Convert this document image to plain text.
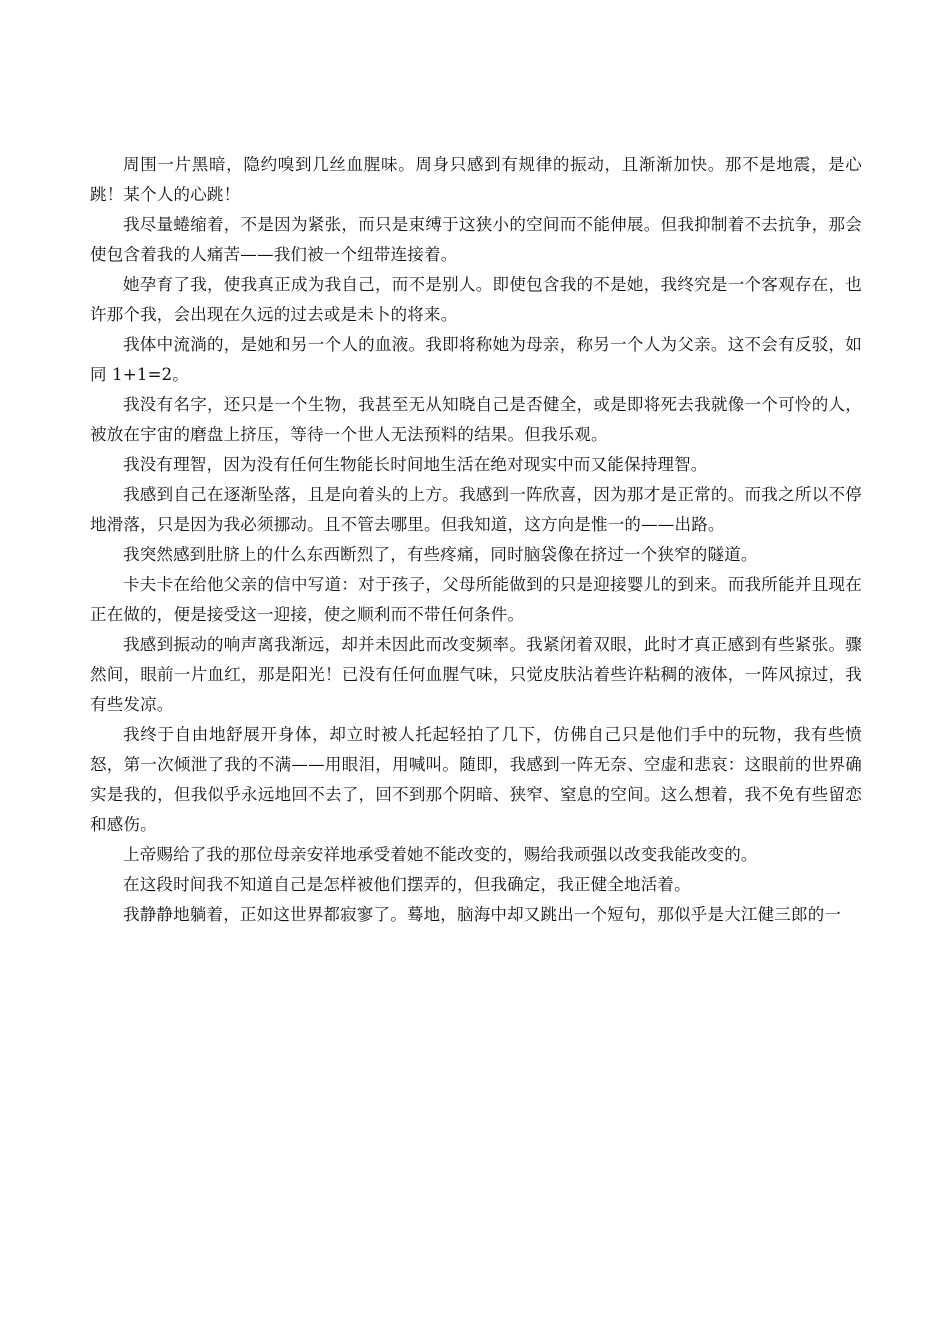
周围一片黑暗，隐约嗅到几丝血腥味。周身只感到有规律的振动，且渐渐加快。那不是地震，是心跳！某个人的心跳！

我尽量蜷缩着，不是因为紧张，而只是束缚于这狭小的空间而不能伸展。但我抑制着不去抗争，那会使包含着我的人痛苦——我们被一个纽带连接着。

她孕育了我，使我真正成为我自己，而不是别人。即使包含我的不是她，我终究是一个客观存在，也许那个我，会出现在久远的过去或是未卜的将来。

我体中流淌的，是她和另一个人的血液。我即将称她为母亲，称另一个人为父亲。这不会有反驳，如同 1+1=2。

我没有名字，还只是一个生物，我甚至无从知晓自己是否健全，或是即将死去我就像一个可怜的人，被放在宇宙的磨盘上挤压，等待一个世人无法预料的结果。但我乐观。

我没有理智，因为没有任何生物能长时间地生活在绝对现实中而又能保持理智。

我感到自己在逐渐坠落，且是向着头的上方。我感到一阵欣喜，因为那才是正常的。而我之所以不停地滑落，只是因为我必须挪动。且不管去哪里。但我知道，这方向是惟一的——出路。

我突然感到肚脐上的什么东西断烈了，有些疼痛，同时脑袋像在挤过一个狭窄的隧道。

卡夫卡在给他父亲的信中写道：对于孩子，父母所能做到的只是迎接婴儿的到来。而我所能并且现在正在做的，便是接受这一迎接，使之顺利而不带任何条件。

我感到振动的响声离我渐远，却并未因此而改变频率。我紧闭着双眼，此时才真正感到有些紧张。骤然间，眼前一片血红，那是阳光！已没有任何血腥气味，只觉皮肤沾着些许粘稠的液体，一阵风掠过，我有些发凉。

我终于自由地舒展开身体，却立时被人托起轻拍了几下，仿佛自己只是他们手中的玩物，我有些愤怒，第一次倾泄了我的不满——用眼泪，用喊叫。随即，我感到一阵无奈、空虚和悲哀：这眼前的世界确实是我的，但我似乎永远地回不去了，回不到那个阴暗、狭窄、窒息的空间。这么想着，我不免有些留恋和感伤。

上帝赐给了我的那位母亲安祥地承受着她不能改变的，赐给我顽强以改变我能改变的。

在这段时间我不知道自己是怎样被他们摆弄的，但我确定，我正健全地活着。

我静静地躺着，正如这世界都寂寥了。蓦地，脑海中却又跳出一个短句，那似乎是大江健三郎的一
